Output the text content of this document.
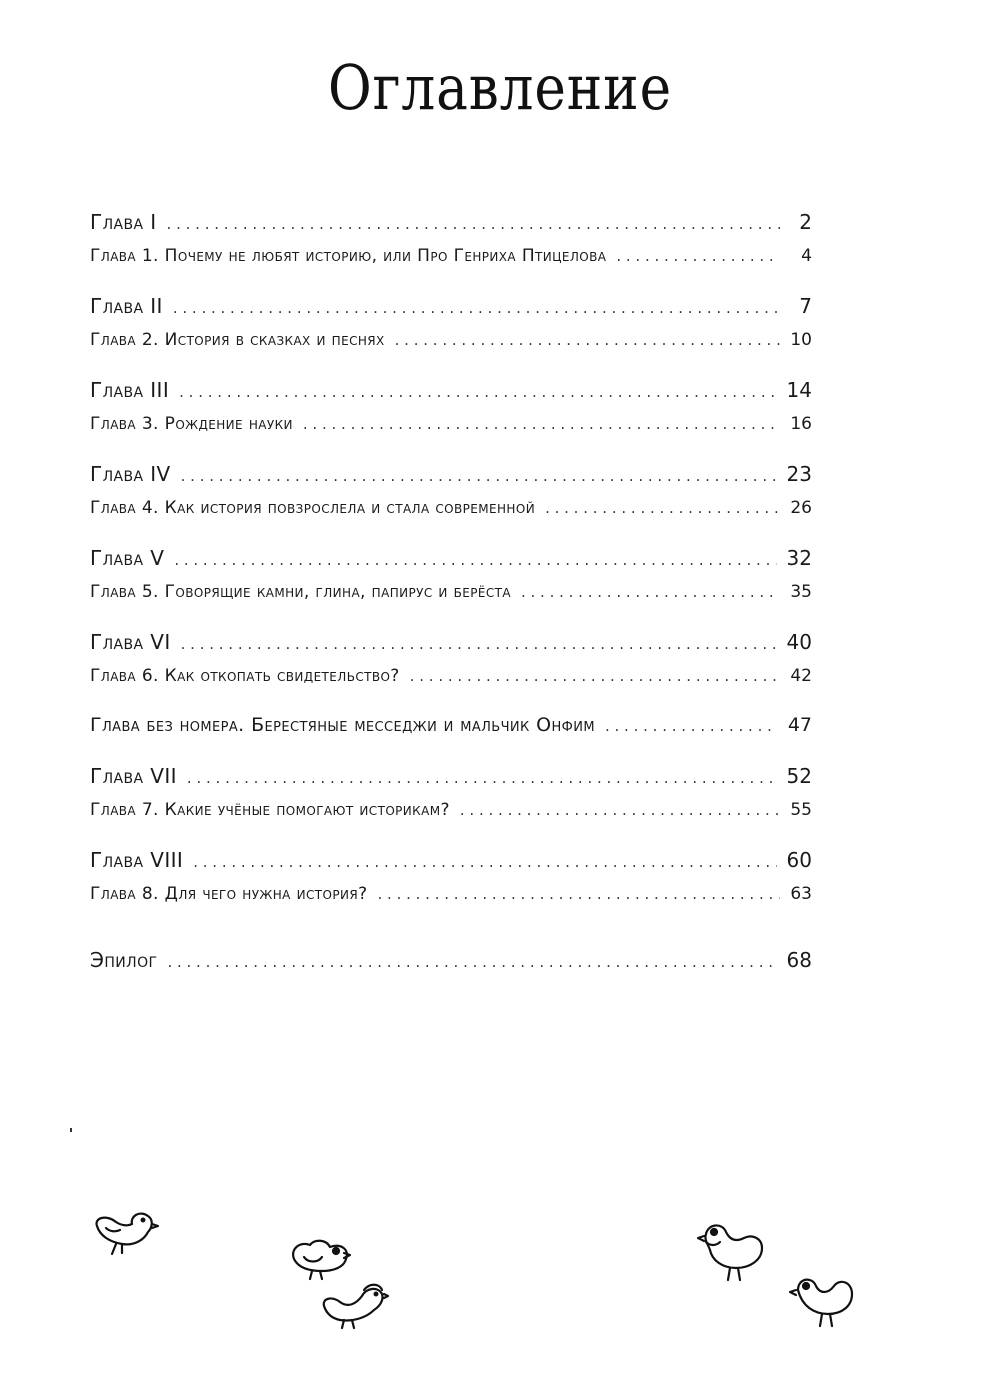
Оглавление
Глава I . . .	2
Глава 1. Почему не любят историю, или Про Генриха Птицелова . . .	4
Глава II . . .	7
Глава 2. История в сказках и песнях . . .	10
Глава III . . .	14
Глава 3. Рождение науки . . .	16
Глава IV . . .	23
Глава 4. Как история повзрослела и стала современной . . .	26
Глава V . . .	32
Глава 5. Говорящие камни, глина, папирус и берёста . . .	35
Глава VI . . .	40
Глава 6. Как откопать свидетельство? . . .	42
Глава без номера. Берестяные месседжи и мальчик Онфим . . .	47
Глава VII . . .	52
Глава 7. Какие учёные помогают историкам? . . .	55
Глава VIII . . .	60
Глава 8. Для чего нужна история? . . .	63
Эпилог . . .	68
